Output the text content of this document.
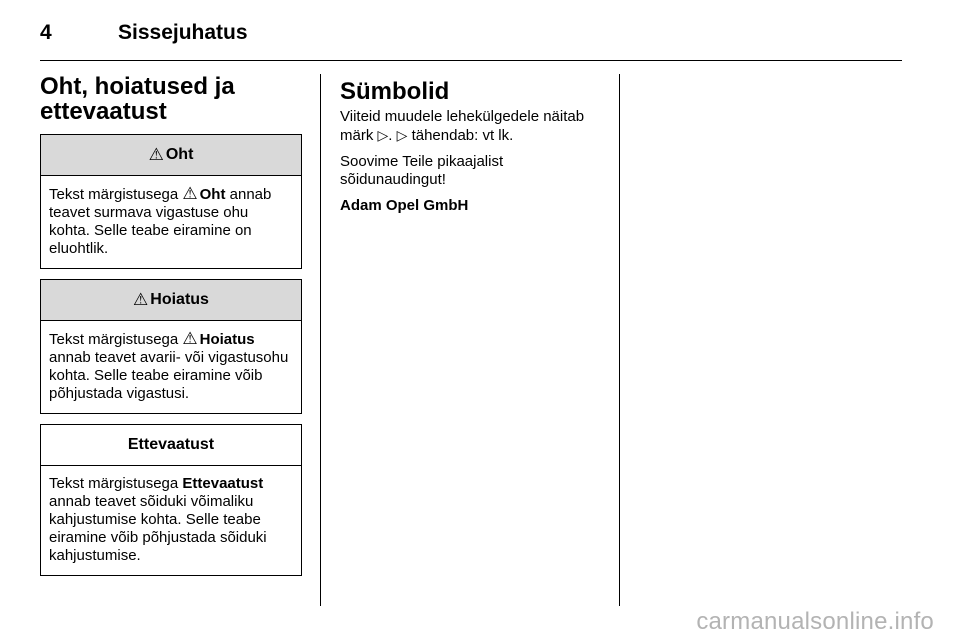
4	Sissejuhatus
Oht, hoiatused ja
ettevaatust
⚠ Oht
Tekst märgistusega ⚠ Oht annab teavet surmava vigastuse ohu kohta. Selle teabe eiramine on eluohtlik.
⚠ Hoiatus
Tekst märgistusega ⚠ Hoiatus annab teavet avarii- või vigastusohu kohta. Selle teabe eiramine võib põhjustada vigastusi.
Ettevaatust
Tekst märgistusega Ettevaatust annab teavet sõiduki võimaliku kahjustumise kohta. Selle teabe eiramine võib põhjustada sõiduki kahjustumise.
Sümbolid

Viiteid muudele lehekülgedele näitab märk ▷. ▷ tähendab: vt lk.

Soovime Teile pikaajalist sõidunaudingut!

Adam Opel GmbH

carmanualsonline.info
